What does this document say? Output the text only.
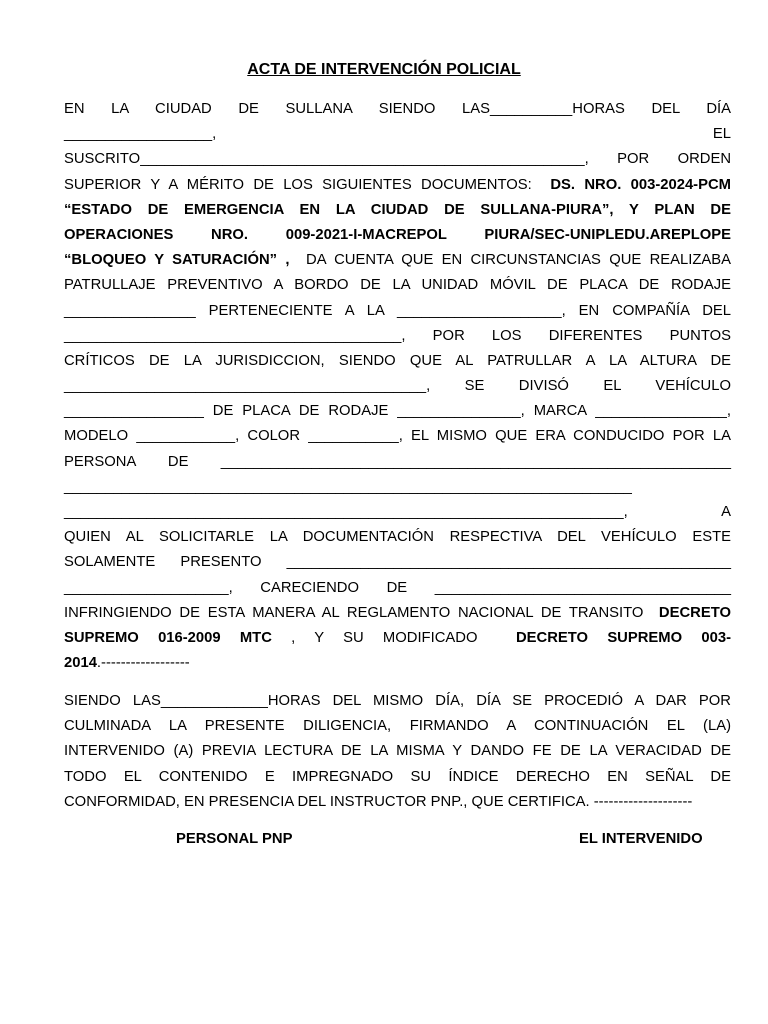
ACTA DE INTERVENCIÓN POLICIAL
EN LA CIUDAD DE SULLANA SIENDO LAS__________HORAS DEL DÍA
__________________,	EL
SUSCRITO______________________________________________________, POR ORDEN
SUPERIOR Y A MÉRITO DE LOS SIGUIENTES DOCUMENTOS:  DS. NRO. 003-2024-PCM
“ESTADO DE EMERGENCIA EN LA CIUDAD DE SULLANA-PIURA”, Y PLAN DE
OPERACIONES NRO. 009-2021-I-MACREPOL PIURA/SEC-UNIPLEDU.AREPLOPE
“BLOQUEO Y SATURACIÓN” ,  DA CUENTA QUE EN CIRCUNSTANCIAS QUE REALIZABA
PATRULLAJE PREVENTIVO A BORDO DE LA UNIDAD MÓVIL DE PLACA DE RODAJE
________________ PERTENECIENTE A LA ____________________, EN COMPAÑÍA DEL
_________________________________________, POR LOS DIFERENTES PUNTOS
CRÍTICOS DE LA JURISDICCION, SIENDO QUE AL PATRULLAR A LA ALTURA DE
____________________________________________, SE DIVISÓ EL VEHÍCULO
_________________ DE PLACA DE RODAJE _______________, MARCA ________________,
MODELO ____________, COLOR ___________, EL MISMO QUE ERA CONDUCIDO POR LA
PERSONA DE ______________________________________________________________
_____________________________________________________________________
____________________________________________________________________, A
QUIEN AL SOLICITARLE LA DOCUMENTACIÓN RESPECTIVA DEL VEHÍCULO ESTE
SOLAMENTE PRESENTO ______________________________________________________
____________________, CARECIENDO DE ____________________________________
INFRINGIENDO DE ESTA MANERA AL REGLAMENTO NACIONAL DE TRANSITO  DECRETO
SUPREMO 016-2009 MTC , Y SU MODIFICADO  DECRETO SUPREMO 003-
2014.------------------
SIENDO LAS_____________HORAS DEL MISMO DÍA, DÍA SE PROCEDIÓ A DAR POR
CULMINADA LA PRESENTE DILIGENCIA, FIRMANDO A CONTINUACIÓN EL (LA)
INTERVENIDO (A) PREVIA LECTURA DE LA MISMA Y DANDO FE DE LA VERACIDAD DE
TODO EL CONTENIDO E IMPREGNADO SU ÍNDICE DERECHO EN SEÑAL DE
CONFORMIDAD, EN PRESENCIA DEL INSTRUCTOR PNP., QUE CERTIFICA. --------------------
PERSONAL PNP	EL INTERVENIDO
